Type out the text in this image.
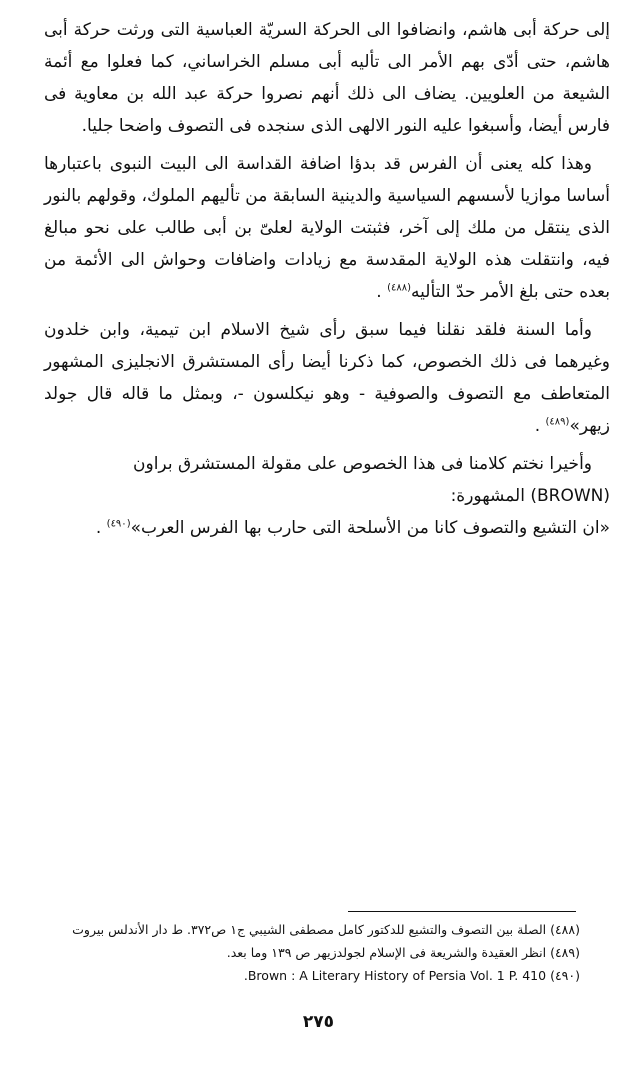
إلى حركة أبى هاشم، وانضافوا الى الحركة السريّة العباسية التى ورثت حركة أبى هاشم، حتى أدّى بهم الأمر الى تأليه أبى مسلم الخراساني، كما فعلوا مع أئمة الشيعة من العلويين. يضاف الى ذلك أنهم نصروا حركة عبد الله بن معاوية فى فارس أيضا، وأسبغوا عليه النور الالهى الذى سنجده فى التصوف واضحا جليا.

وهذا كله يعنى أن الفرس قد بدؤا اضافة القداسة الى البيت النبوى باعتبارها أساسا موازيا لأسسهم السياسية والدينية السابقة من تأليهم الملوك، وقولهم بالنور الذى ينتقل من ملك إلى آخر، فثبتت الولاية لعلىّ بن أبى طالب على نحو مبالغ فيه، وانتقلت هذه الولاية المقدسة مع زيادات واضافات وحواش الى الأئمة من بعده حتى بلغ الأمر حدّ التأليه$^{(٤٨٨)}$ .

وأما السنة فلقد نقلنا فيما سبق رأى شيخ الاسلام ابن تيمية، وابن خلدون وغيرهما فى ذلك الخصوص، كما ذكرنا أيضا رأى المستشرق الانجليزى المشهور المتعاطف مع التصوف والصوفية - وهو نيكلسون -، وبمثل ما قاله قال جولد زيهر»$^{(٤٨٩)}$ .

وأخيرا نختم كلامنا فى هذا الخصوص على مقولة المستشرق براون
(BROWN) المشهورة:
«ان التشيع والتصوف كانا من الأسلحة التى حارب بها الفرس العرب»$^{(٤٩٠)}$ .

(٤٨٨) الصلة بين التصوف والتشيع للدكتور كامل مصطفى الشيبي ج١ ص٣٧٢. ط دار الأندلس بيروت
(٤٨٩) انظر العقيدة والشريعة فى الإسلام لجولدزيهر ص ١٣٩ وما بعد.
(٤٩٠) Brown : A Literary History of Persia Vol. 1 P. 410.
٢٧٥
